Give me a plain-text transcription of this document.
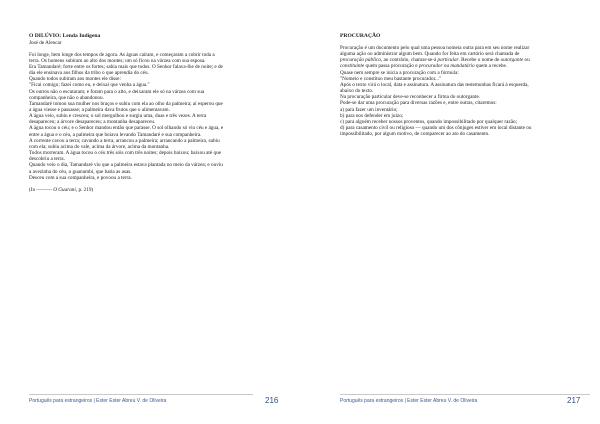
O DILÚVIO: Lenda Indígena

José de Alencar

Foi longe, bem longe dos tempos de agora. As águas caíram, e começaram a cobrir toda a

terra. Os homens subiram ao alto dos montes; um só ficou na várzea com sua esposa.

Era Tamandaré; forte entre os fortes; sabia mais que todos. O Senhor falava-lhe de noite; e de

dia ele ensinava aos filhos da tribo o que aprendia do céu.

Quando todos subiram aos montes ele disse:

"Ficai comigo; fazei como eu, e deixai que venha a água."

Os outros não o escutaram; e foram para o alto, e deixaram ele só na várzea com sua

companheira, que não o abandonou.

Tamandaré tomou sua mulher nos braços e subiu com ela ao olho da palmeira; aí esperou que

a água viesse e passasse; a palmeira dava frutos que o alimentavam.

A água veio, subiu e cresceu; o sol mergulhou e surgiu uma, duas e três vezes. A terra

desapareceu; a árvore desapareceu; a montanha desapareceu.

A água tocou o céu; e o Senhor mandou então que parasse. O sol olhando só viu céu e água, e

entre a água e o céu, a palmeira que boiava levando Tamandaré e sua companheira.

A corrente cavou a terra; cavando a terra, arrancou a palmeira; arrancando a palmeira, subiu

com ela; subiu acima do vale, acima da árvore, acima da montanha.

Todos morreram. A água tocou o céu três sóis com três noites; depois baixou; baixou até que

descobriu a terra.

Quando veio o dia, Tamandaré viu que a palmeira estava plantada no meio da várzea; e ouviu

a avezinha do céu, o guanumbi, que batia as asas.

Desceu com a sua companheira, e povoou a terra.

(In ——— O Guarani, p. 219)

Português para estrangeiros | Ester Ester Abreu V. de Oliveira	216

PROCURAÇÃO

Procuração é um documento pelo qual uma pessoa nomeia outra para em seu nome realizar

alguma ação ou administrar algum bem. Quando for feita em cartório será chamada de

procuração pública, ao contrário, chamar-se-á particular. Recebe o nome de outorgante ou

constituinte quem passa procuração e procurador ou mandatário quem a recebe.

Quase nem sempre se inicia a procuração com a fórmula:

"Nomeio e constituo meu bastante procurador..."

Após o texto virá o local, data e assinatura. A assinatura das testemunhas ficará à esquerda,

abaixo do texto.

Na procuração particular deve-se reconhecer a firma do outorgante.

Pode-se dar uma procuração para diversas razões e, entre outras, citaremos:

a) para fazer um inventário;

b) para nos defender em juízo;

c) para alguém receber nossos proventos, quando impossibilitado por qualquer razão;

d) para casamento civil ou religioso — quando um dos cônjuges estiver em local distante ou

impossibilitado, por algum motivo, de comparecer ao ato do casamento.

Português para estrangeiros | Ester Ester Abreu V. de Oliveira	217
